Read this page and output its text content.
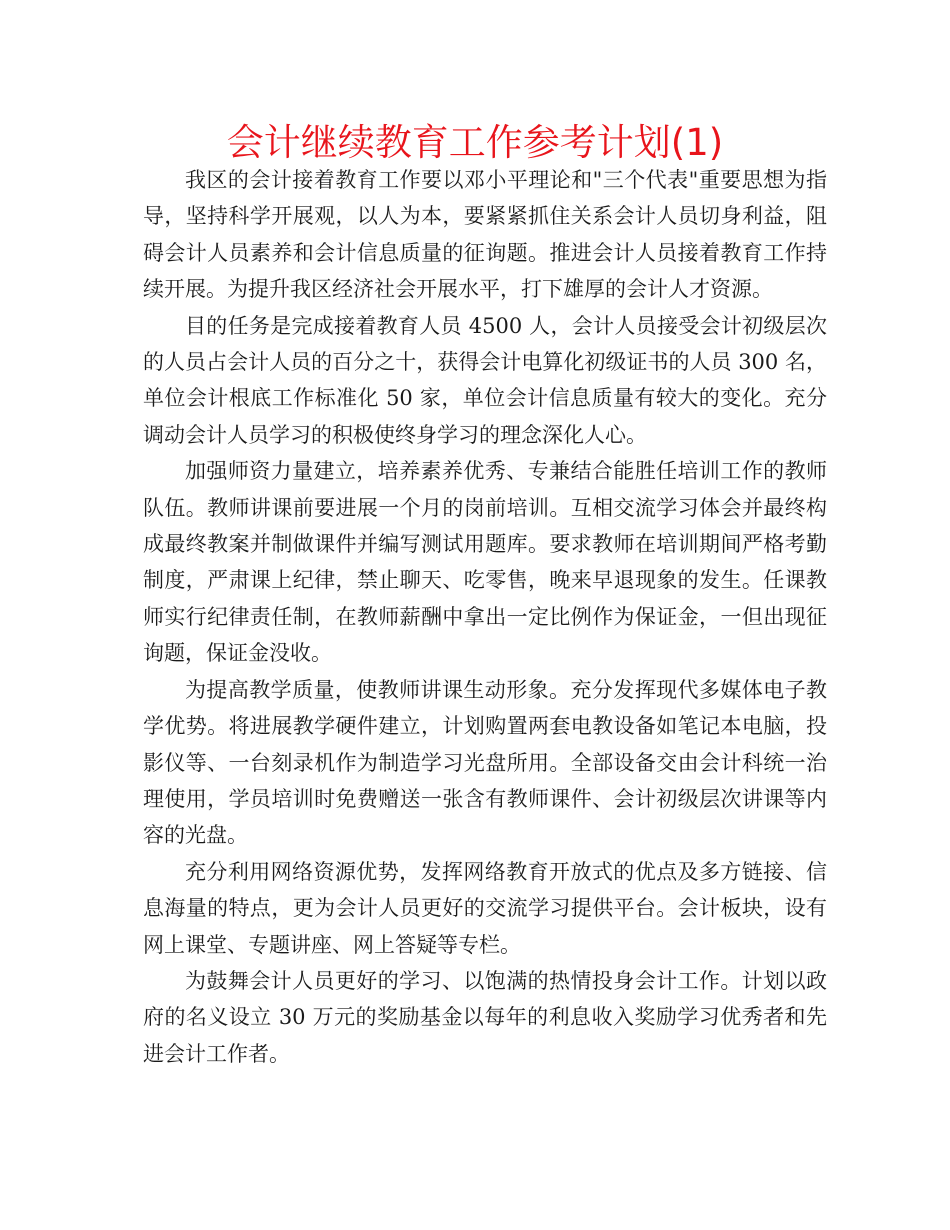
会计继续教育工作参考计划(1)

我区的会计接着教育工作要以邓小平理论和"三个代表"重要思想为指导，坚持科学开展观，以人为本，要紧紧抓住关系会计人员切身利益，阻碍会计人员素养和会计信息质量的征询题。推进会计人员接着教育工作持续开展。为提升我区经济社会开展水平，打下雄厚的会计人才资源。

目的任务是完成接着教育人员 4500 人，会计人员接受会计初级层次的人员占会计人员的百分之十，获得会计电算化初级证书的人员 300 名，单位会计根底工作标准化 50 家，单位会计信息质量有较大的变化。充分调动会计人员学习的积极使终身学习的理念深化人心。

加强师资力量建立，培养素养优秀、专兼结合能胜任培训工作的教师队伍。教师讲课前要进展一个月的岗前培训。互相交流学习体会并最终构成最终教案并制做课件并编写测试用题库。要求教师在培训期间严格考勤制度，严肃课上纪律，禁止聊天、吃零售，晚来早退现象的发生。任课教师实行纪律责任制，在教师薪酬中拿出一定比例作为保证金，一但出现征询题，保证金没收。

为提高教学质量，使教师讲课生动形象。充分发挥现代多媒体电子教学优势。将进展教学硬件建立，计划购置两套电教设备如笔记本电脑，投影仪等、一台刻录机作为制造学习光盘所用。全部设备交由会计科统一治理使用，学员培训时免费赠送一张含有教师课件、会计初级层次讲课等内容的光盘。

充分利用网络资源优势，发挥网络教育开放式的优点及多方链接、信息海量的特点，更为会计人员更好的交流学习提供平台。会计板块，设有网上课堂、专题讲座、网上答疑等专栏。

为鼓舞会计人员更好的学习、以饱满的热情投身会计工作。计划以政府的名义设立 30 万元的奖励基金以每年的利息收入奖励学习优秀者和先进会计工作者。
